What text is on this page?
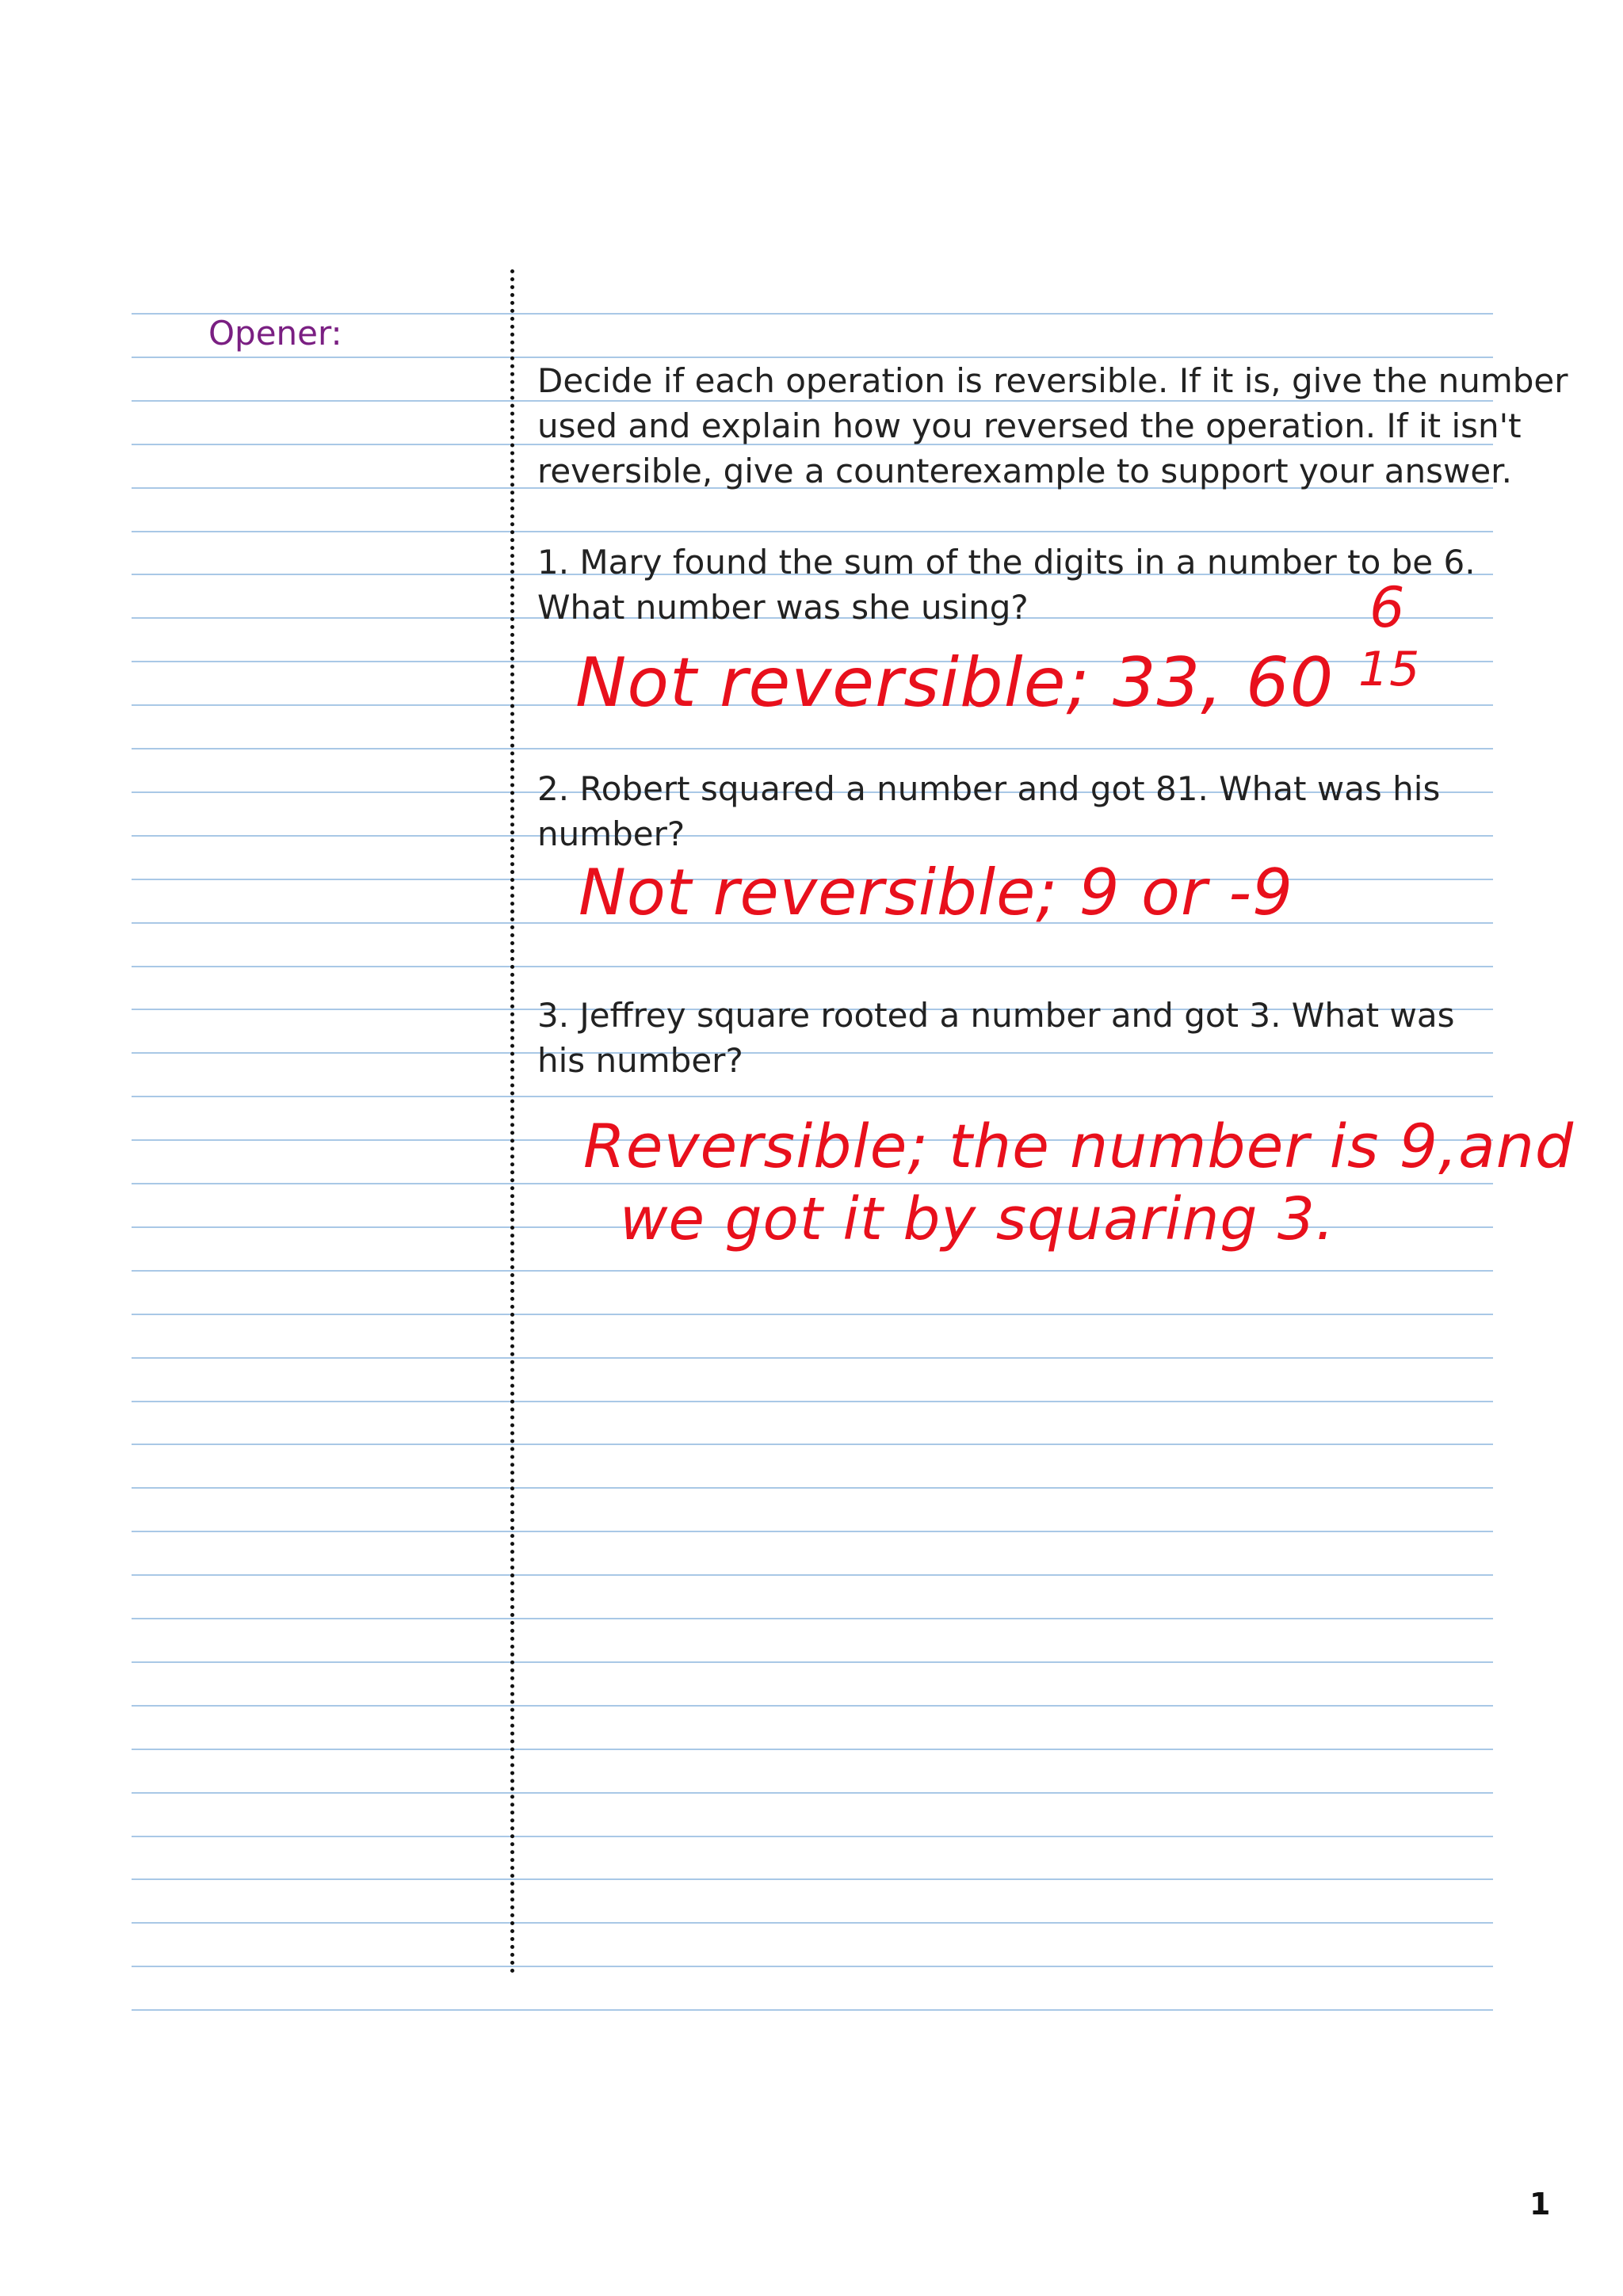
Opener:
Decide if each operation is reversible. If it is, give the number
used and explain how you reversed the operation. If it isn't
reversible, give a counterexample to support your answer.
1. Mary found the sum of the digits in a number to be 6.
What number was she using?
Not reversible; 33, 60
6
15
2. Robert squared a number and got 81. What was his
number?
Not reversible; 9 or -9
3. Jeffrey square rooted a number and got 3. What was
his number?
Reversible; the number is 9,and
we got it by squaring 3.
1
